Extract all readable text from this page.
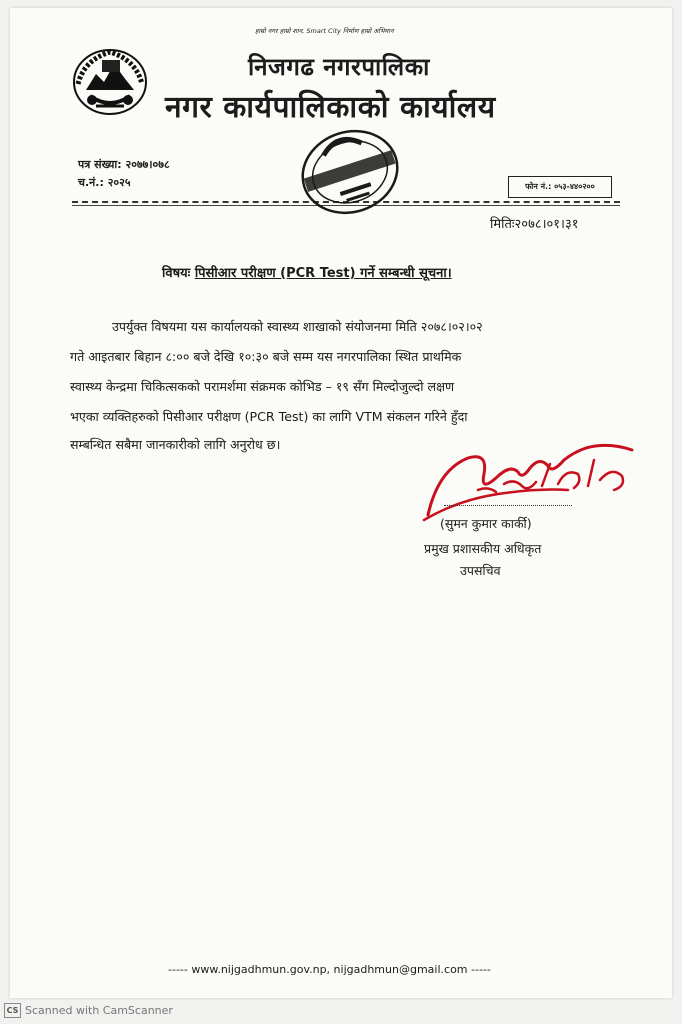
हाम्रो नगर हाम्रो शान, Smart City निर्माण हाम्रो अभियान
निजगढ नगरपालिका
नगर कार्यपालिकाको कार्यालय
पत्र संख्या: २०७७।०७८
च.नं.: २०२५	फोन नं.: ०५३-४४०२००
मितिः२०७८।०१।३१
विषयः पिसीआर परीक्षण (PCR Test) गर्ने सम्बन्धी सूचना।
उपर्युक्त विषयमा यस कार्यालयको स्वास्थ्य शाखाको संयोजनमा मिति २०७८।०२।०२
गते आइतबार बिहान ८:०० बजे देखि १०:३० बजे सम्म यस नगरपालिका स्थित प्राथमिक
स्वास्थ्य केन्द्रमा चिकित्सकको परामर्शमा संक्रमक कोभिड – १९ सँग मिल्दोजुल्दो लक्षण
भएका व्यक्तिहरुको पिसीआर परीक्षण (PCR Test) का लागि VTM संकलन गरिने हुँदा
सम्बन्धित सबैमा जानकारीको लागि अनुरोध छ।
(सुमन कुमार कार्की)
प्रमुख प्रशासकीय अधिकृत
उपसचिव
----- www.nijgadhmun.gov.np, nijgadhmun@gmail.com -----
CS Scanned with CamScanner
